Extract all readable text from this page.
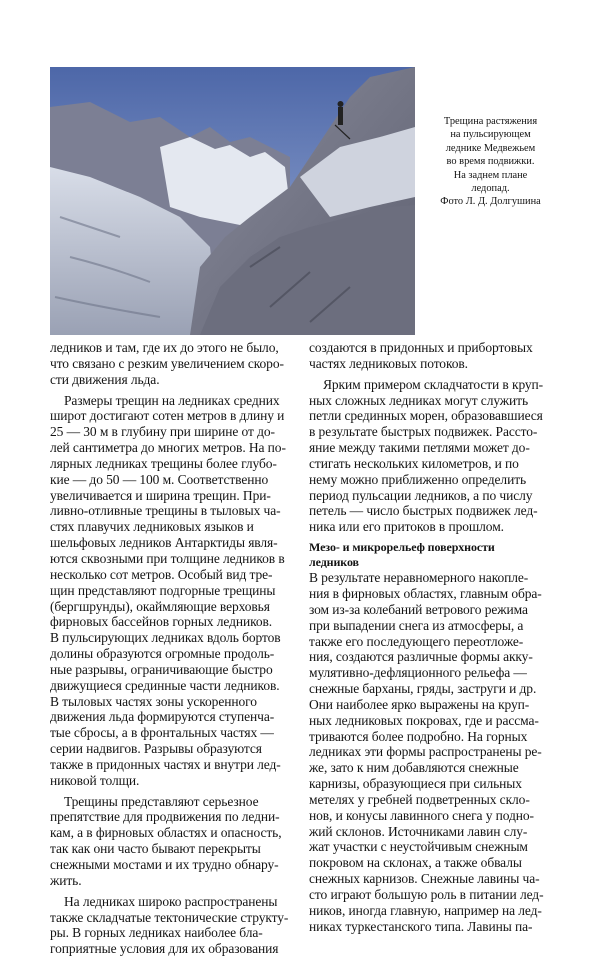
Трещина растяжения
на пульсирующем
леднике Медвежьем
во время подвижки.
На заднем плане
ледопад.
Фото Л. Д. Долгушина

ледников и там, где их до этого не было,
что связано с резким увеличением скоро-
сти движения льда.

Размеры трещин на ледниках средних
широт достигают сотен метров в длину и
25 — 30 м в глубину при ширине от до-
лей сантиметра до многих метров. На по-
лярных ледниках трещины более глубо-
кие — до 50 — 100 м. Соответственно
увеличивается и ширина трещин. При-
ливно-отливные трещины в тыловых ча-
стях плавучих ледниковых языков и
шельфовых ледников Антарктиды явля-
ются сквозными при толщине ледников в
несколько сот метров. Особый вид тре-
щин представляют подгорные трещины
(бергшрунды), окаймляющие верховья
фирновых бассейнов горных ледников.
В пульсирующих ледниках вдоль бортов
долины образуются огромные продоль-
ные разрывы, ограничивающие быстро
движущиеся срединные части ледников.
В тыловых частях зоны ускоренного
движения льда формируются ступенча-
тые сбросы, а в фронтальных частях —
серии надвигов. Разрывы образуются
также в придонных частях и внутри лед-
никовой толщи.

Трещины представляют серьезное
препятствие для продвижения по ледни-
кам, а в фирновых областях и опасность,
так как они часто бывают перекрыты
снежными мостами и их трудно обнару-
жить.

На ледниках широко распространены
также складчатые тектонические структу-
ры. В горных ледниках наиболее бла-
гоприятные условия для их образования

создаются в придонных и прибортовых
частях ледниковых потоков.

Ярким примером складчатости в круп-
ных сложных ледниках могут служить
петли срединных морен, образовавшиеся
в результате быстрых подвижек. Рассто-
яние между такими петлями может до-
стигать нескольких километров, и по
нему можно приближенно определить
период пульсации ледников, а по числу
петель — число быстрых подвижек лед-
ника или его притоков в прошлом.

Мезо- и микрорельеф поверхности
ледников

В результате неравномерного накопле-
ния в фирновых областях, главным обра-
зом из-за колебаний ветрового режима
при выпадении снега из атмосферы, а
также его последующего переотложе-
ния, создаются различные формы акку-
мулятивно-дефляционного рельефа —
снежные барханы, гряды, заструги и др.
Они наиболее ярко выражены на круп-
ных ледниковых покровах, где и рассма-
триваются более подробно. На горных
ледниках эти формы распространены ре-
же, зато к ним добавляются снежные
карнизы, образующиеся при сильных
метелях у гребней подветренных скло-
нов, и конусы лавинного снега у подно-
жий склонов. Источниками лавин слу-
жат участки с неустойчивым снежным
покровом на склонах, а также обвалы
снежных карнизов. Снежные лавины ча-
сто играют большую роль в питании лед-
ников, иногда главную, например на лед-
никах туркестанского типа. Лавины па-
